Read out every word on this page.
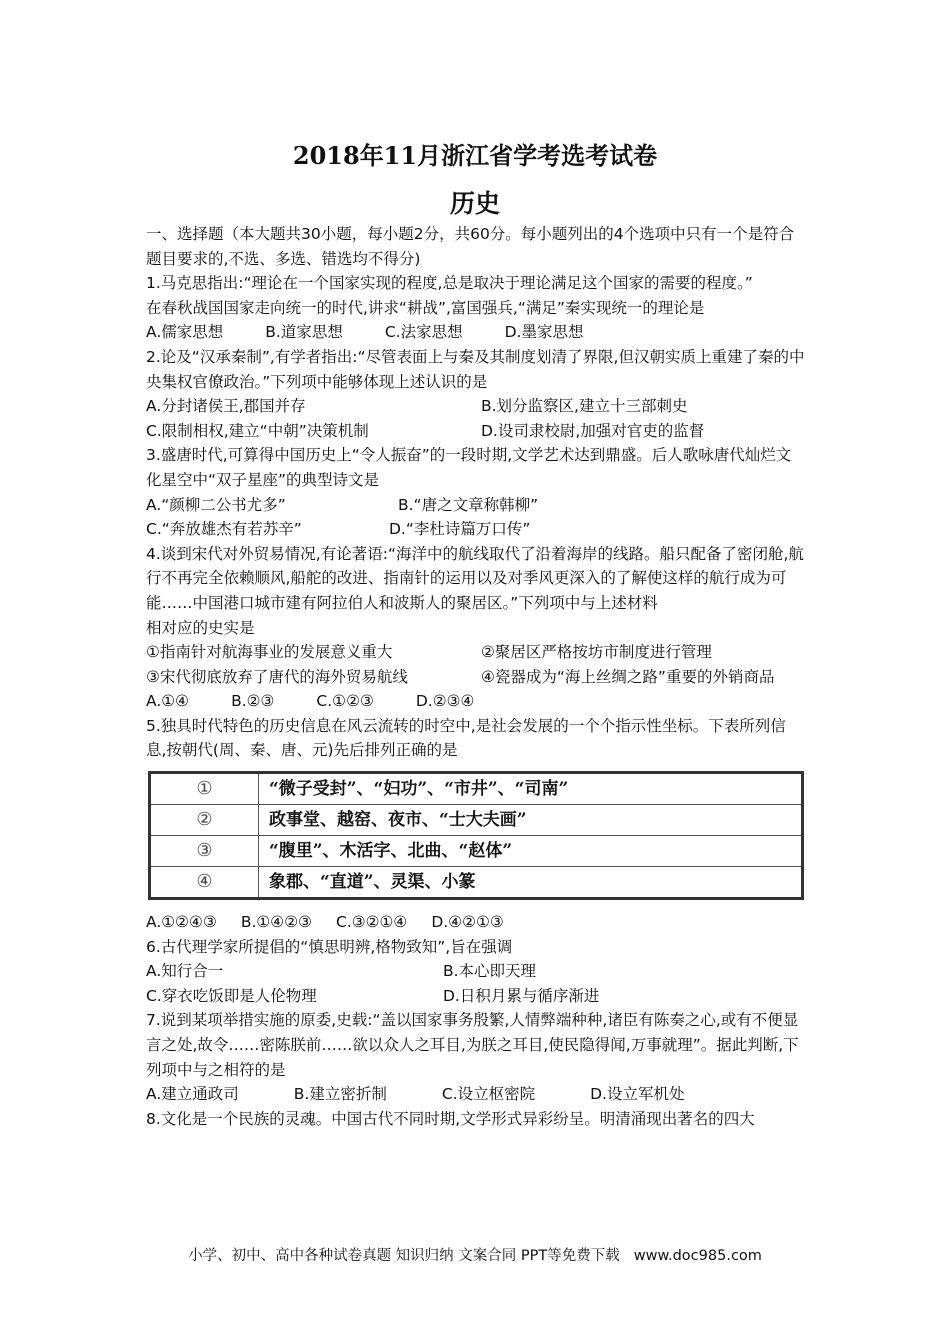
2018年11月浙江省学考选考试卷
历史
一、选择题（本大题共30小题，每小题2分，共60分。每小题列出的4个选项中只有一个是符合题目要求的,不选、多选、错选均不得分)
1.马克思指出:“理论在一个国家实现的程度,总是取决于理论满足这个国家的需要的程度。”
在春秋战国国家走向统一的时代,讲求“耕战”,富国强兵,“满足”秦实现统一的理论是
A.儒家思想	B.道家思想	C.法家思想	D.墨家思想
2.论及“汉承秦制”,有学者指出:“尽管表面上与秦及其制度划清了界限,但汉朝实质上重建了秦的中央集权官僚政治。”下列项中能够体现上述认识的是
A.分封诸侯王,郡国并存	B.划分监察区,建立十三部刺史
C.限制相权,建立“中朝”决策机制	D.设司隶校尉,加强对官吏的监督
3.盛唐时代,可算得中国历史上“令人振奋”的一段时期,文学艺术达到鼎盛。后人歌咏唐代灿烂文化星空中“双子星座”的典型诗文是
A.“颜柳二公书尤多”	B.“唐之文章称韩柳”
C.“奔放雄杰有若苏辛”	D.“李杜诗篇万口传”
4.谈到宋代对外贸易情况,有论著语:“海洋中的航线取代了沿着海岸的线路。船只配备了密闭舱,航行不再完全依赖顺风,船舵的改进、指南针的运用以及对季风更深入的了解使这样的航行成为可能……中国港口城市建有阿拉伯人和波斯人的聚居区。”下列项中与上述材料
相对应的史实是
①指南针对航海事业的发展意义重大	②聚居区严格按坊市制度进行管理
③宋代彻底放弃了唐代的海外贸易航线	④瓷器成为“海上丝绸之路”重要的外销商品
A.①④	B.②③	C.①②③	D.②③④
5.独具时代特色的历史信息在风云流转的时空中,是社会发展的一个个指示性坐标。下表所列信息,按朝代(周、秦、唐、元)先后排列正确的是
①	“微子受封”、“妇功”、“市井”、“司南”
②	政事堂、越窑、夜市、“士大夫画”
③	“腹里”、木活字、北曲、“赵体”
④	象郡、“直道”、灵渠、小篆
A.①②④③ B.①④②③ C.③②①④ D.④②①③
6.古代理学家所提倡的“慎思明辨,格物致知”,旨在强调
A.知行合一	B.本心即天理
C.穿衣吃饭即是人伦物理	D.日积月累与循序渐进
7.说到某项举措实施的原委,史载:“盖以国家事务殷繁,人情弊端种种,诸臣有陈奏之心,或有不便显言之处,故令……密陈朕前……欲以众人之耳目,为朕之耳目,使民隐得闻,万事就理”。据此判断,下列项中与之相符的是
A.建立通政司	B.建立密折制	C.设立枢密院	D.设立军机处
8.文化是一个民族的灵魂。中国古代不同时期,文学形式异彩纷呈。明清涌现出著名的四大
小学、初中、高中各种试卷真题 知识归纳 文案合同 PPT等免费下载 www.doc985.com
